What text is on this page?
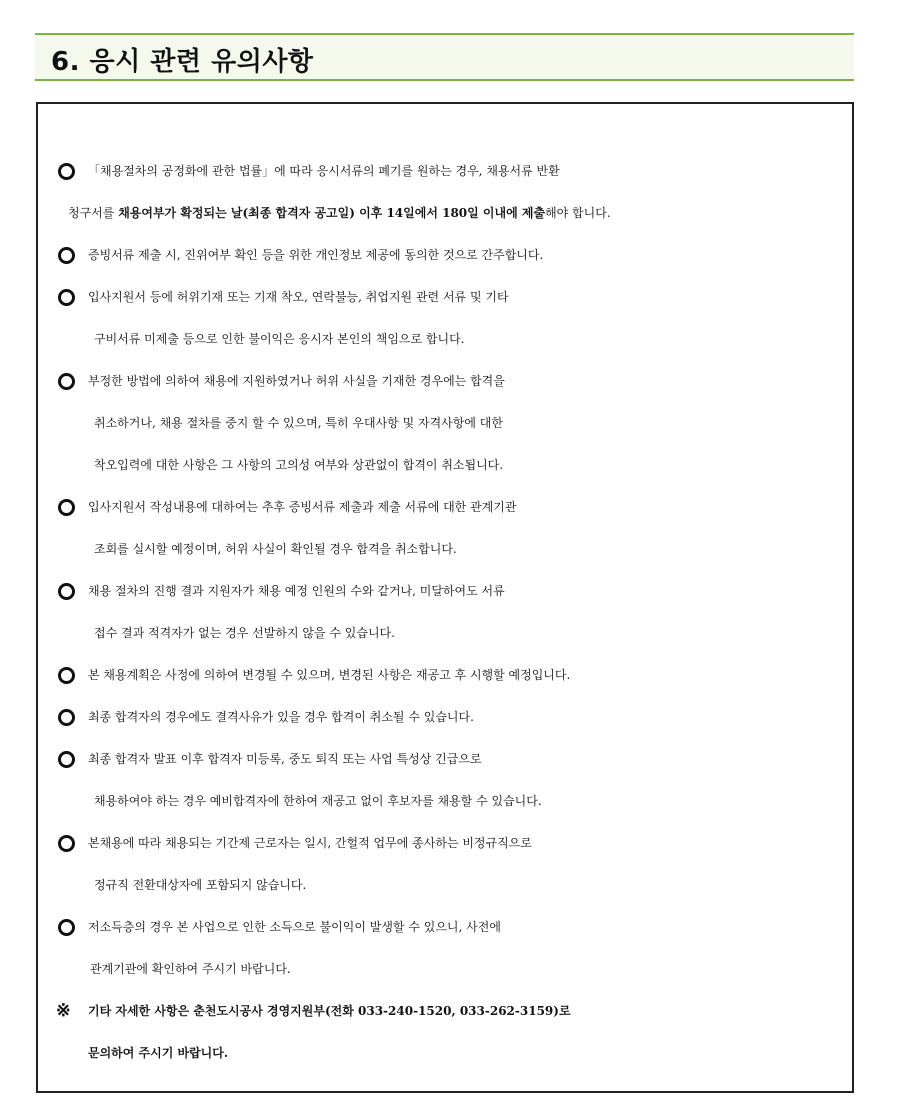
6. 응시 관련 유의사항
「채용절차의 공정화에 관한 법률」에 따라 응시서류의 폐기를 원하는 경우, 채용서류 반환
청구서를 채용여부가 확정되는 날(최종 합격자 공고일) 이후 14일에서 180일 이내에 제출해야 합니다.
증빙서류 제출 시, 진위여부 확인 등을 위한 개인정보 제공에 동의한 것으로 간주합니다.
입사지원서 등에 허위기재 또는 기재 착오, 연락불능, 취업지원 관련 서류 및 기타
구비서류 미제출 등으로 인한 불이익은 응시자 본인의 책임으로 합니다.
부정한 방법에 의하여 채용에 지원하였거나 허위 사실을 기재한 경우에는 합격을
취소하거나, 채용 절차를 중지 할 수 있으며, 특히 우대사항 및 자격사항에 대한
착오입력에 대한 사항은 그 사항의 고의성 여부와 상관없이 합격이 취소됩니다.
입사지원서 작성내용에 대하여는 추후 증빙서류 제출과 제출 서류에 대한 관계기관
조회를 실시할 예정이며, 허위 사실이 확인될 경우 합격을 취소합니다.
채용 절차의 진행 결과 지원자가 채용 예정 인원의 수와 같거나, 미달하여도 서류
접수 결과 적격자가 없는 경우 선발하지 않을 수 있습니다.
본 채용계획은 사정에 의하여 변경될 수 있으며, 변경된 사항은 재공고 후 시행할 예정입니다.
최종 합격자의 경우에도 결격사유가 있을 경우 합격이 취소될 수 있습니다.
최종 합격자 발표 이후 합격자 미등록, 중도 퇴직 또는 사업 특성상 긴급으로
채용하여야 하는 경우 예비합격자에 한하여 재공고 없이 후보자를 채용할 수 있습니다.
본채용에 따라 채용되는 기간제 근로자는 일시, 간헐적 업무에 종사하는 비정규직으로
정규직 전환대상자에 포함되지 않습니다.
저소득층의 경우 본 사업으로 인한 소득으로 불이익이 발생할 수 있으니, 사전에
관계기관에 확인하여 주시기 바랍니다.
※ 기타 자세한 사항은 춘천도시공사 경영지원부(전화 033-240-1520, 033-262-3159)로
문의하여 주시기 바랍니다.
